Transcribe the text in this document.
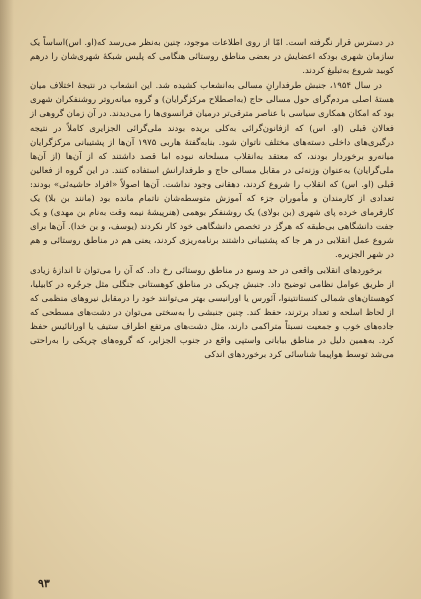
در دسترس قرار نگرفته است. امّا از روی اطلاعات موجود، چنین به‌نظر می‌رسد که(او. اس)اساساً یک سازمان شهری بودکه اعضایش در بعضی مناطق روستائی هنگامی که پلیس شبکهٔ شهری‌شان را درهم کوبید شروع به‌تبلیغ کردند.

در سال ۱۹۵۴، جنبش طرفدارانِ مسالی به‌انشعاب کشیده شد. این انشعاب در نتیجهٔ اختلاف میان هستهٔ اصلی مردم‌گرای حول مسالی حاج (به‌اصطلاح مرکزگرایان) و گروه میانه‌روتر روشنفکران شهری بود که امکان همکاری سیاسی با عناصر مترقی‌تر درمیان فرانسوی‌ها را می‌دیدند. در آن زمان گروهی از فعالان قبلی (او. اس) که از‌فانون‌گرائی به‌کلی بریده بودند ملی‌گرائی الجزایری کاملاً در نتیجه درگیری‌های داخلی دسته‌های مختلف‌ ناتوان شود. بنابه‌گفتهٔ هاربی ۱۹۷۵ آن‌ها از پشتیبانی مرکزگرایان میانه‌رو برخوردار بودند، که معتقد به‌انقلاب مسلحانه نبوده اما قصد داشتند که از آن‌ها (از آن‌ها ملی‌گرایان) به‌عنوان وزنه‌ئی در مقابل مسالی حاج و طرفدارانش استفاده کنند. در این گروه از فعالین قبلی (او. اس) که انقلاب را شروع کردند، دهقانی وجود نداشت. آن‌ها اصولاً «افراد حاشیه‌ئی» بودند: تعدادی از کارمندان و مأموران جزء که آموزش متوسطه‌شان ناتمام مانده بود (مانند بن بلا) یک کارفرمای خرده پای شهری (بن بولای) یک روشنفکر بوهمی (هنرپیشهٔ نیمه وقت به‌نام بن مهدی) و یک جفت دانشگاهی بی‌طبقه که هرگز در تخصص دانشگاهی خود کار نکردند (یوسف، و بن خدا). آن‌ها برای شروع عمل انقلابی در هر جا که پشتیبانی داشتند برنامه‌ریزی کردند، یعنی هم در مناطق روستائی و هم در شهر الجزیره.

برخوردهای انقلابی واقعی در حد وسیع در مناطق روستائی رخ داد. که آن را می‌توان تا اندازهٔ زیادی از طریق عوامل نظامی توضیح داد. جنبش چریکی در مناطق کوهستانی جنگلی مثل جرجُره در کابیلیا، کوهستان‌های شمالی کنستانتینوا، آئورس یا اورانیسی بهتر می‌توانند خود را درمقابل نیروهای منظمی که از لحاظ اسلحه و تعداد برترند، حفظ کند. چنین جنبشی را به‌سختی می‌توان در دشت‌های مسطحی که جاده‌های خوب و جمعیت نسبتاً متراکمی دارند، مثل دشت‌های مرتفع اطراف ستیف یا اورانائیس حفظ کرد. به‌همین دلیل در مناطق بیابانی واستپی واقع در جنوب الجزایر، که گروه‌های چریکی را به‌راحتی می‌شد توسط هواپیما شناسائی کرد برخوردهای اندکی

۹۳
